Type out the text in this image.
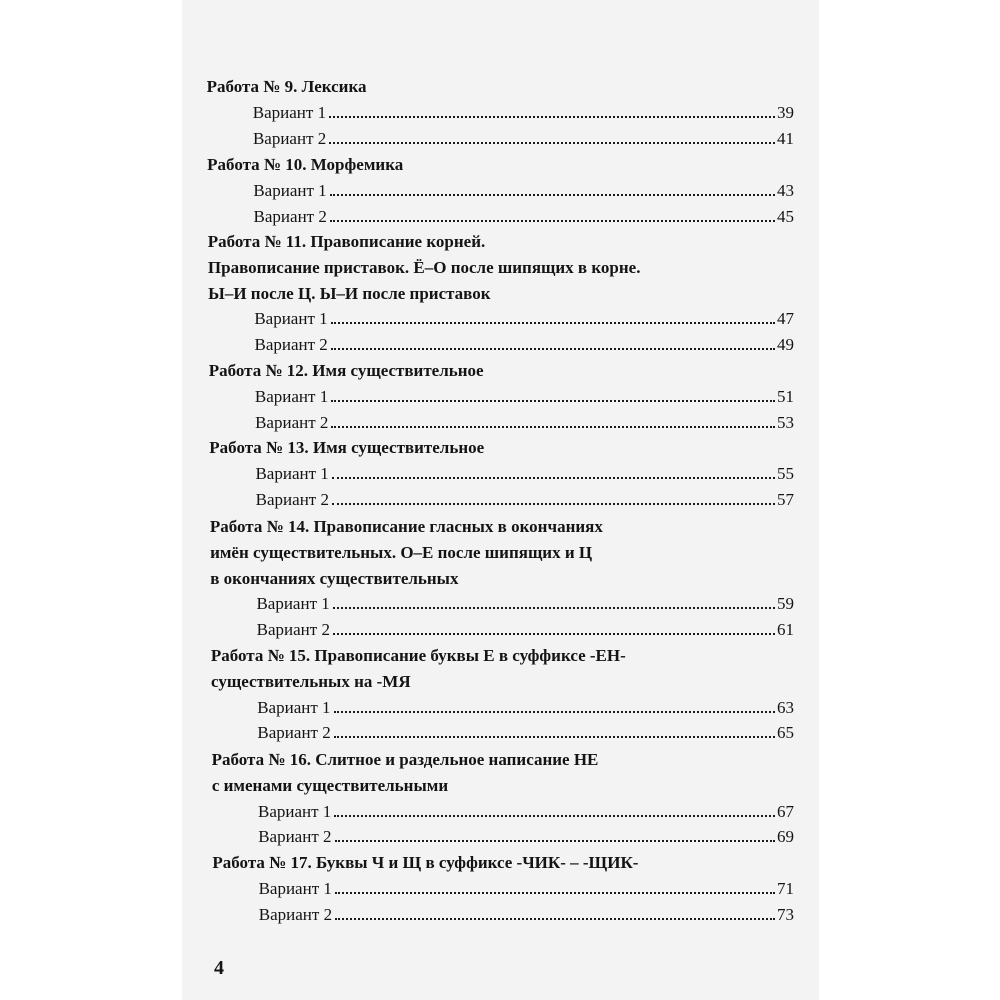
Работа № 9. Лексика
Вариант 1	39
Вариант 2	41
Работа № 10. Морфемика
Вариант 1	43
Вариант 2	45
Работа № 11. Правописание корней.
Правописание приставок. Ё–О после шипящих в корне.
Ы–И после Ц. Ы–И после приставок
Вариант 1	47
Вариант 2	49
Работа № 12. Имя существительное
Вариант 1	51
Вариант 2	53
Работа № 13. Имя существительное
Вариант 1	55
Вариант 2	57
Работа № 14. Правописание гласных в окончаниях
имён существительных. О–Е после шипящих и Ц
в окончаниях существительных
Вариант 1	59
Вариант 2	61
Работа № 15. Правописание буквы Е в суффиксе -ЕН-
существительных на -МЯ
Вариант 1	63
Вариант 2	65
Работа № 16. Слитное и раздельное написание НЕ
с именами существительными
Вариант 1	67
Вариант 2	69
Работа № 17. Буквы Ч и Щ в суффиксе -ЧИК- – -ЩИК-
Вариант 1	71
Вариант 2	73
4
